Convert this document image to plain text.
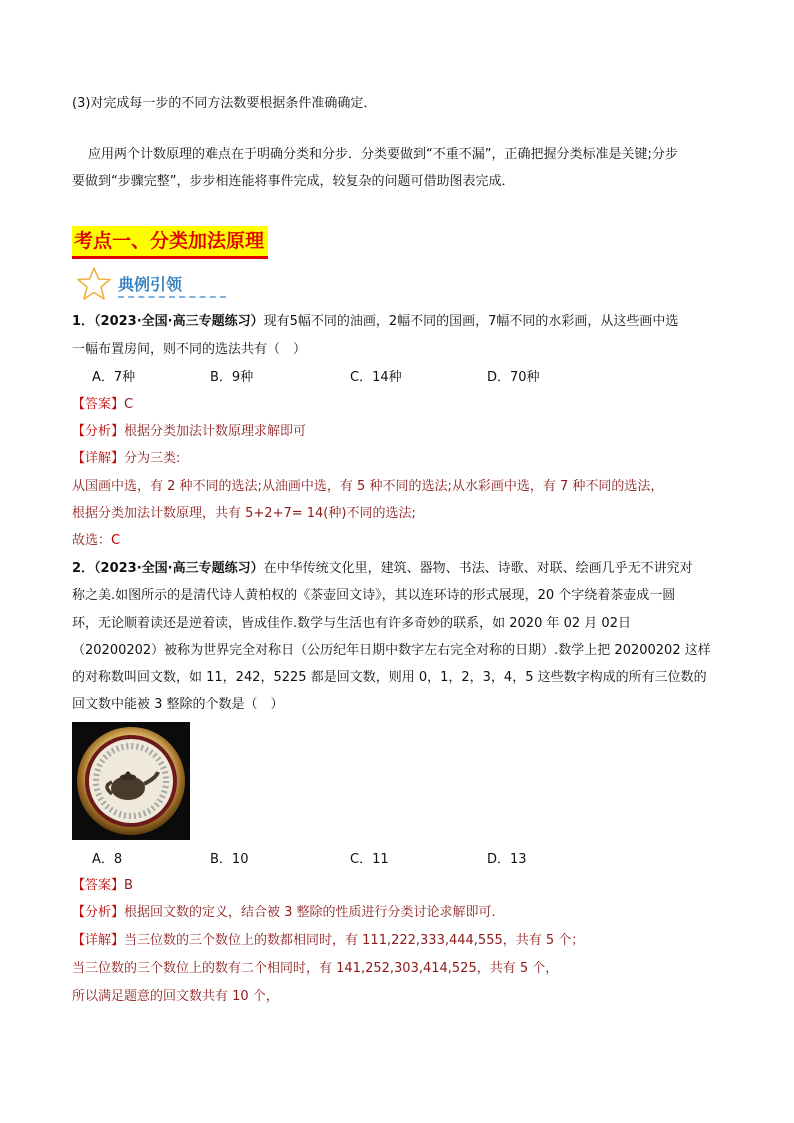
(3)对完成每一步的不同方法数要根据条件准确确定．
应用两个计数原理的难点在于明确分类和分步．分类要做到“不重不漏”，正确把握分类标准是关键;分步
要做到“步骤完整”，步步相连能将事件完成，较复杂的问题可借助图表完成．
考点一、分类加法原理
典例引领
1．（2023·全国·高三专题练习）现有5幅不同的油画，2幅不同的国画，7幅不同的水彩画，从这些画中选
一幅布置房间，则不同的选法共有（　）
A．7种	B．9种	C．14种	D．70种
【答案】C
【分析】根据分类加法计数原理求解即可
【详解】分为三类:
从国画中选，有 2 种不同的选法;从油画中选，有 5 种不同的选法;从水彩画中选，有 7 种不同的选法，
根据分类加法计数原理，共有 5+2+7= 14(种)不同的选法;
故选：C
2．（2023·全国·高三专题练习）在中华传统文化里，建筑、器物、书法、诗歌、对联、绘画几乎无不讲究对
称之美.如图所示的是清代诗人黄柏权的《茶壶回文诗》，其以连环诗的形式展现，20 个字绕着茶壶成一圆
环，无论顺着读还是逆着读，皆成佳作.数学与生活也有许多奇妙的联系，如 2020 年 02 月 02日
（20200202）被称为世界完全对称日（公历纪年日期中数字左右完全对称的日期）.数学上把 20200202 这样
的对称数叫回文数，如 11，242，5225 都是回文数，则用 0，1，2，3，4，5 这些数字构成的所有三位数的
回文数中能被 3 整除的个数是（　）
A．8	B．10	C．11	D．13
【答案】B
【分析】根据回文数的定义，结合被 3 整除的性质进行分类讨论求解即可.
【详解】当三位数的三个数位上的数都相同时，有 111,222,333,444,555，共有 5 个；
当三位数的三个数位上的数有二个相同时，有 141,252,303,414,525，共有 5 个，
所以满足题意的回文数共有 10 个，
